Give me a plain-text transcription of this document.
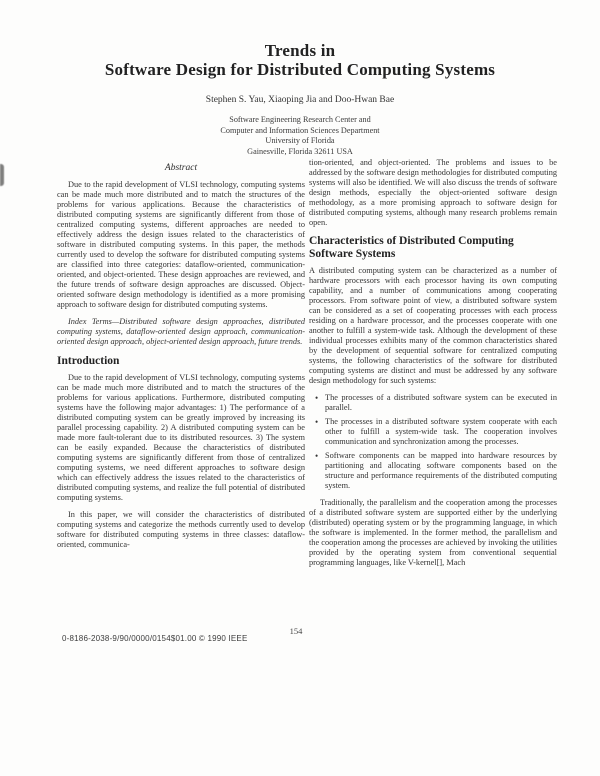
Trends in
Software Design for Distributed Computing Systems
Stephen S. Yau, Xiaoping Jia and Doo-Hwan Bae
Software Engineering Research Center and
Computer and Information Sciences Department
University of Florida
Gainesville, Florida 32611 USA
Abstract

Due to the rapid development of VLSI technology, computing systems can be made much more distributed and to match the structures of the problems for various applications. Because the characteristics of distributed computing systems are significantly different from those of centralized computing systems, different approaches are needed to effectively address the design issues related to the characteristics of software in distributed computing systems. In this paper, the methods currently used to develop the software for distributed computing systems are classified into three categories: dataflow-oriented, communication-oriented, and object-oriented. These design approaches are reviewed, and the future trends of software design approaches are discussed. Object-oriented software design methodology is identified as a more promising approach to software design for distributed computing systems.

Index Terms—Distributed software design approaches, distributed computing systems, dataflow-oriented design approach, communication-oriented design approach, object-oriented design approach, future trends.

Introduction

Due to the rapid development of VLSI technology, computing systems can be made much more distributed and to match the structures of the problems for various applications. Furthermore, distributed computing systems have the following major advantages: 1) The performance of a distributed computing system can be greatly improved by increasing its parallel processing capability. 2) A distributed computing system can be made more fault-tolerant due to its distributed resources. 3) The system can be easily expanded. Because the characteristics of distributed computing systems are significantly different from those of centralized computing systems, we need different approaches to software design which can effectively address the issues related to the characteristics of distributed computing systems, and realize the full potential of distributed computing systems.

In this paper, we will consider the characteristics of distributed computing systems and categorize the methods currently used to develop software for distributed computing systems in three classes: dataflow-oriented, communica-

tion-oriented, and object-oriented. The problems and issues to be addressed by the software design methodologies for distributed computing systems will also be identified. We will also discuss the trends of software design methods, especially the object-oriented software design methodology, as a more promising approach to software design for distributed computing systems, although many research problems remain open.

Characteristics of Distributed Computing Software Systems

A distributed computing system can be characterized as a number of hardware processors with each processor having its own computing capability, and a number of communications among cooperating processors. From software point of view, a distributed software system can be considered as a set of cooperating processes with each process residing on a hardware processor, and the processes cooperate with one another to fulfill a system-wide task. Although the development of these individual processes exhibits many of the common characteristics shared by the development of sequential software for centralized computing systems, the following characteristics of the software for distributed computing systems are distinct and must be addressed by any software design methodology for such systems:

• The processes of a distributed software system can be executed in parallel.
• The processes in a distributed software system cooperate with each other to fulfill a system-wide task. The cooperation involves communication and synchronization among the processes.
• Software components can be mapped into hardware resources by partitioning and allocating software components based on the structure and performance requirements of the distributed computing system.

Traditionally, the parallelism and the cooperation among the processes of a distributed software system are supported either by the underlying (distributed) operating system or by the programming language, in which the software is implemented. In the former method, the parallelism and the cooperation among the processes are achieved by invoking the utilities provided by the operating system from conventional sequential programming languages, like V-kernel[], Mach

0-8186-2038-9/90/0000/0154$01.00 © 1990 IEEE
154
